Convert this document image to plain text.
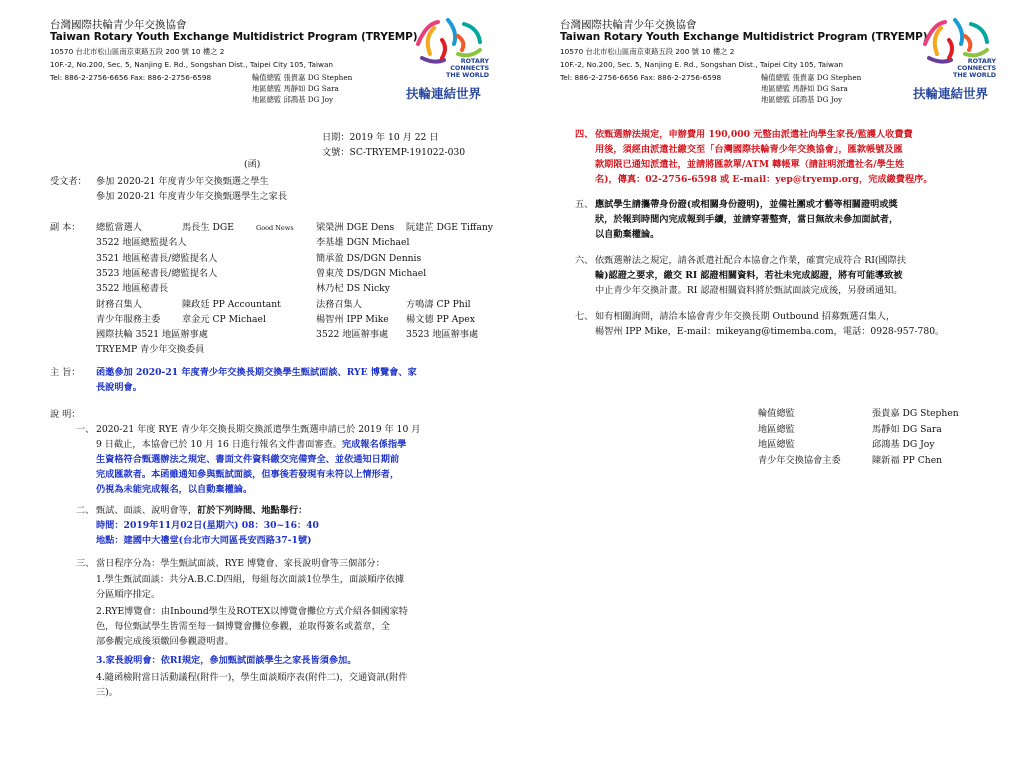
台灣國際扶輪青少年交換協會
Taiwan Rotary Youth Exchange Multidistrict Program (TRYEMP)
10570 台北市松山區南京東路五段 200 號 10 樓之 2
10F.-2, No.200, Sec. 5, Nanjing E. Rd., Songshan Dist., Taipei City 105, Taiwan
Tel: 886-2-2756-6656 Fax: 886-2-2756-6598	輪值總監 張貴嘉 DG Stephen
地區總監 馬靜如 DG Sara
地區總監 邱鴻基 DG Joy
ROTARY
CONNECTS
THE WORLD
扶輪連結世界
日期：2019 年 10 月 22 日
文號：SC-TRYEMP-191022-030
(函)
受文者： 參加 2020-21 年度青少年交換甄選之學生
參加 2020-21 年度青少年交換甄選學生之家長
副 本： 總監當選人	馬長生 DGE	Good News 梁榮洲 DGE Dens 阮建芷 DGE Tiffany
3522 地區總監提名人	李基雄 DGN Michael
3521 地區秘書長/總監提名人	簡承盈 DS/DGN Dennis
3523 地區秘書長/總監提名人	曾東茂 DS/DGN Michael
3522 地區秘書長	林乃杞 DS Nicky
財務召集人	陳政廷 PP Accountant	法務召集人	方鳴濤 CP Phil
青少年服務主委 章金元 CP Michael	楊智州 IPP Mike 楊文德 PP Apex
國際扶輪 3521 地區辦事處	3522 地區辦事處 3523 地區辦事處
TRYEMP 青少年交換委員
主 旨： 函邀參加 2020-21 年度青少年交換長期交換學生甄試面談、RYE 博覽會、家
長說明會。
說 明：
一、 2020-21 年度 RYE 青少年交換長期交換派遣學生甄選申請已於 2019 年 10 月
9 日截止，本協會已於 10 月 16 日進行報名文件書面審查。完成報名係指學
生資格符合甄選辦法之規定、書面文件資料繳交完備齊全、並依通知日期前
完成匯款者。本函雖通知參與甄試面談，但事後若發現有未符以上情形者，
仍視為未能完成報名，以自動棄權論。
二、 甄試、面談、說明會等，訂於下列時間、地點舉行：
時間：2019年11月02日(星期六) 08：30~16：40
地點：建國中大禮堂(台北市大同區長安西路37-1號)
三、 當日程序分為：學生甄試面談、RYE 博覽會、家長說明會等三個部分：
1.學生甄試面談：共分A.B.C.D四組，每組每次面談1位學生，面談順序依據
分區順序排定。
2.RYE博覽會：由Inbound學生及ROTEX以博覽會攤位方式介紹各個國家特
色，每位甄試學生皆需至每一個博覽會攤位參觀，並取得簽名或蓋章，全
部參觀完成後須繳回參觀證明書。
3.家長說明會：依RI規定，參加甄試面談學生之家長皆須參加。
4.隨函檢附當日活動議程(附件一)，學生面談順序表(附件二)，交通資訊(附件
三)。
台灣國際扶輪青少年交換協會
Taiwan Rotary Youth Exchange Multidistrict Program (TRYEMP)
10570 台北市松山區南京東路五段 200 號 10 樓之 2
10F.-2, No.200, Sec. 5, Nanjing E. Rd., Songshan Dist., Taipei City 105, Taiwan
Tel: 886-2-2756-6656 Fax: 886-2-2756-6598	輪值總監 張貴嘉 DG Stephen
地區總監 馬靜如 DG Sara
地區總監 邱鴻基 DG Joy
ROTARY
CONNECTS
THE WORLD
扶輪連結世界
四、 依甄選辦法規定，申辦費用 190,000 元整由派遣社向學生家長/監護人收費費
用後，須經由派遣社繳交至「台灣國際扶輪青少年交換協會」，匯款帳號及匯
款期限已通知派遣社，並請將匯款單/ATM 轉帳單（請註明派遣社名/學生姓
名)，傳真：02-2756-6598 或 E-mail：yep@tryemp.org，完成繳費程序。
五、 應試學生請攜帶身份證(或相關身份證明)，並備社團或才藝等相關證明或獎
狀，於報到時間內完成報到手續，並請穿著整齊，當日無故未參加面試者，
以自動棄權論。
六、 依甄選辦法之規定，請各派遣社配合本協會之作業，確實完成符合 RI(國際扶
輪)認證之要求，繳交 RI 認證相關資料，若社未完成認證，將有可能導致被
中止青少年交換計畫。RI 認證相關資料將於甄試面談完成後，另發函通知。
七、 如有相關詢問，請洽本協會青少年交換長期 Outbound 招募甄選召集人，
楊智州 IPP Mike，E-mail：mikeyang@timemba.com，電話：0928-957-780。
輪值總監	張貴嘉 DG Stephen
地區總監	馬靜如 DG Sara
地區總監	邱鴻基 DG Joy
青少年交換協會主委	陳新福 PP Chen
